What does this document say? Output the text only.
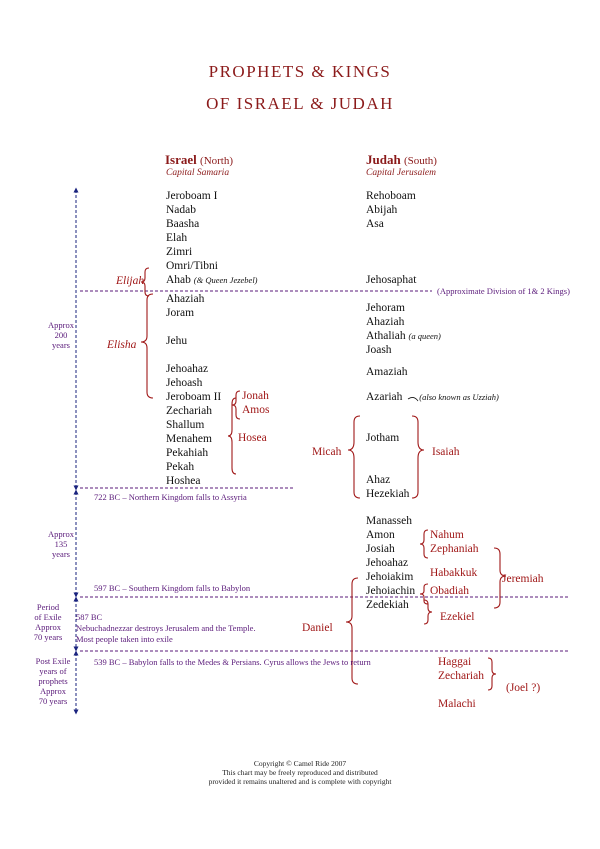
PROPHETS & KINGS
OF ISRAEL & JUDAH
Israel (North)
Capital Samaria
Judah (South)
Capital Jerusalem
Jeroboam I
Nadab
Baasha
Elah
Zimri
Omri/Tibni
Ahab (& Queen Jezebel)
Ahaziah
Joram
Jehu
Jehoahaz
Jehoash
Jeroboam II
Zechariah
Shallum
Menahem
Pekahiah
Pekah
Hoshea
Rehoboam
Abijah
Asa
Jehosaphat
Jehoram
Ahaziah
Athaliah (a queen)
Joash
Amaziah
Azariah (also known as Uzziah)
Jotham
Ahaz
Hezekiah
Manasseh
Amon
Josiah
Jehoahaz
Jehoiakim
Jehoiachin
Zedekiah
Elijah
Elisha
Jonah
Amos
Hosea
Micah	Isaiah
Nahum
Zephaniah
Habakkuk
Obadiah
Jeremiah
Ezekiel
Daniel
Haggai
Zechariah
(Joel ?)
Malachi
(Approximate Division of 1& 2 Kings)
722 BC – Northern Kingdom falls to Assyria
597 BC – Southern Kingdom falls to Babylon
587 BC
Nebuchadnezzar destroys Jerusalem and the Temple.
Most people taken into exile
539 BC – Babylon falls to the Medes & Persians. Cyrus allows the Jews to return
Approx
200
years
Approx
135
years
Period
of Exile
Approx
70 years
Post Exile
years of
prophets
Approx
70 years
Copyright © Camel Ride 2007
This chart may be freely reproduced and distributed
provided it remains unaltered and is complete with copyright
